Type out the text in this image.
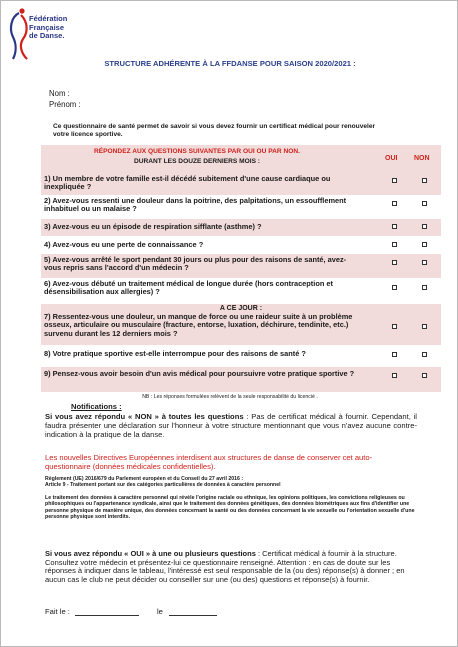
Fédération
Française
de Danse.
STRUCTURE ADHÉRENTE À LA FFDANSE POUR SAISON 2020/2021 :
Nom :
Prénom :
Ce questionnaire de santé permet de savoir si vous devez fournir un certificat médical pour renouveler votre licence sportive.
RÉPONDEZ AUX QUESTIONS SUIVANTES PAR OUI OU PAR NON.
DURANT LES DOUZE DERNIERS MOIS :	OUI NON
1) Un membre de votre famille est-il décédé subitement d'une cause cardiaque ou inexpliquée ?
2) Avez-vous ressenti une douleur dans la poitrine, des palpitations, un essoufflement inhabituel ou un malaise ?
3) Avez-vous eu un épisode de respiration sifflante (asthme) ?
4) Avez-vous eu une perte de connaissance ?
5) Avez-vous arrêté le sport pendant 30 jours ou plus pour des raisons de santé, avez-vous repris sans l'accord d'un médecin ?
6) Avez-vous débuté un traitement médical de longue durée (hors contraception et désensibilisation aux allergies) ?
A CE JOUR :
7) Ressentez-vous une douleur, un manque de force ou une raideur suite à un problème osseux, articulaire ou musculaire (fracture, entorse, luxation, déchirure, tendinite, etc.) survenu durant les 12 derniers mois ?
8) Votre pratique sportive est-elle interrompue pour des raisons de santé ?
9) Pensez-vous avoir besoin d'un avis médical pour poursuivre votre pratique sportive ?
NB : Les réponses formulées relèvent de la seule responsabilité du licencié .
Notifications :
Si vous avez répondu « NON » à toutes les questions : Pas de certificat médical à fournir. Cependant, il faudra présenter une déclaration sur l'honneur à votre structure mentionnant que vous n'avez aucune contre-indication à la pratique de la danse.
Les nouvelles Directives Européennes interdisent aux structures de danse de conserver cet auto-questionnaire (données médicales confidentielles).
Règlement (UE) 2016/679 du Parlement européen et du Conseil du 27 avril 2016 :
Article 9 - Traitement portant sur des catégories particulières de données à caractère personnel
Le traitement des données à caractère personnel qui révèle l'origine raciale ou ethnique, les opinions politiques, les convictions religieuses ou philosophiques ou l'appartenance syndicale, ainsi que le traitement des données génétiques, des données biométriques aux fins d'identifier une personne physique de manière unique, des données concernant la santé ou des données concernant la vie sexuelle ou l'orientation sexuelle d'une personne physique sont interdits.
Si vous avez répondu « OUI » à une ou plusieurs questions : Certificat médical à fournir à la structure. Consultez votre médecin et présentez-lui ce questionnaire renseigné. Attention : en cas de doute sur les réponses à indiquer dans le tableau, l'intéressé est seul responsable de la (ou des) réponse(s) à donner ; en aucun cas le club ne peut décider ou conseiller sur une (ou des) questions et réponse(s) à fournir.
Fait le :	le
